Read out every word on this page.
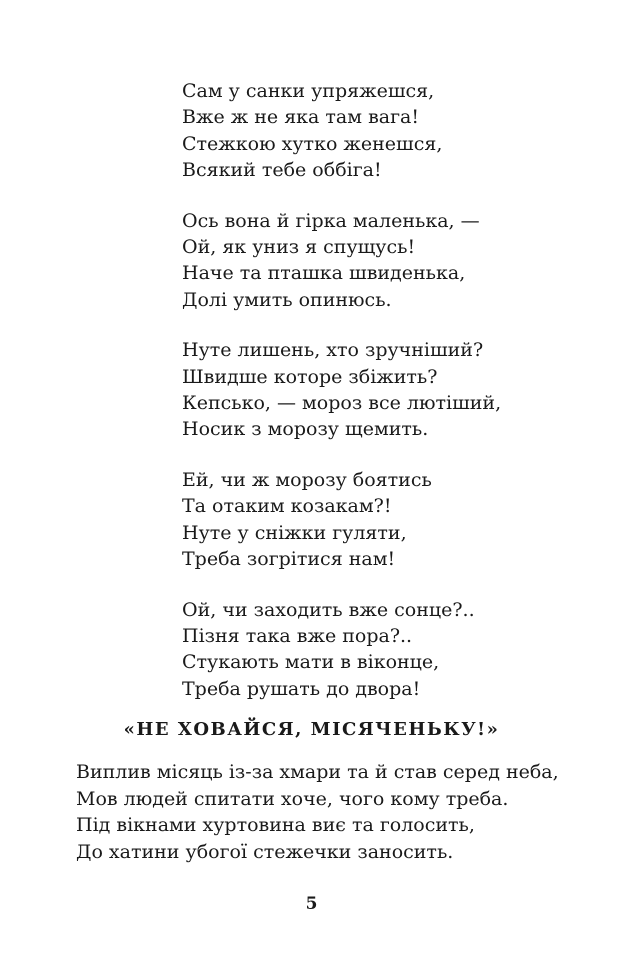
Сам у санки упряжешся,
Вже ж не яка там вага!
Стежкою хутко женешся,
Всякий тебе оббіга!
Ось вона й гірка маленька, —
Ой, як униз я спущусь!
Наче та пташка швиденька,
Долі умить опинюсь.
Нуте лишень, хто зручніший?
Швидше которе збіжить?
Кепсько, — мороз все лютіший,
Носик з морозу щемить.
Ей, чи ж морозу боятись
Та отаким козакам?!
Нуте у сніжки гуляти,
Треба зогрітися нам!
Ой, чи заходить вже сонце?..
Пізня така вже пора?..
Стукають мати в віконце,
Треба рушать до двора!
«НЕ ХОВАЙСЯ, МІСЯЧЕНЬКУ!»
Виплив місяць із-за хмари та й став серед неба,
Мов людей спитати хоче, чого кому треба.
Під вікнами хуртовина виє та голосить,
До хатини убогої стежечки заносить.
5
